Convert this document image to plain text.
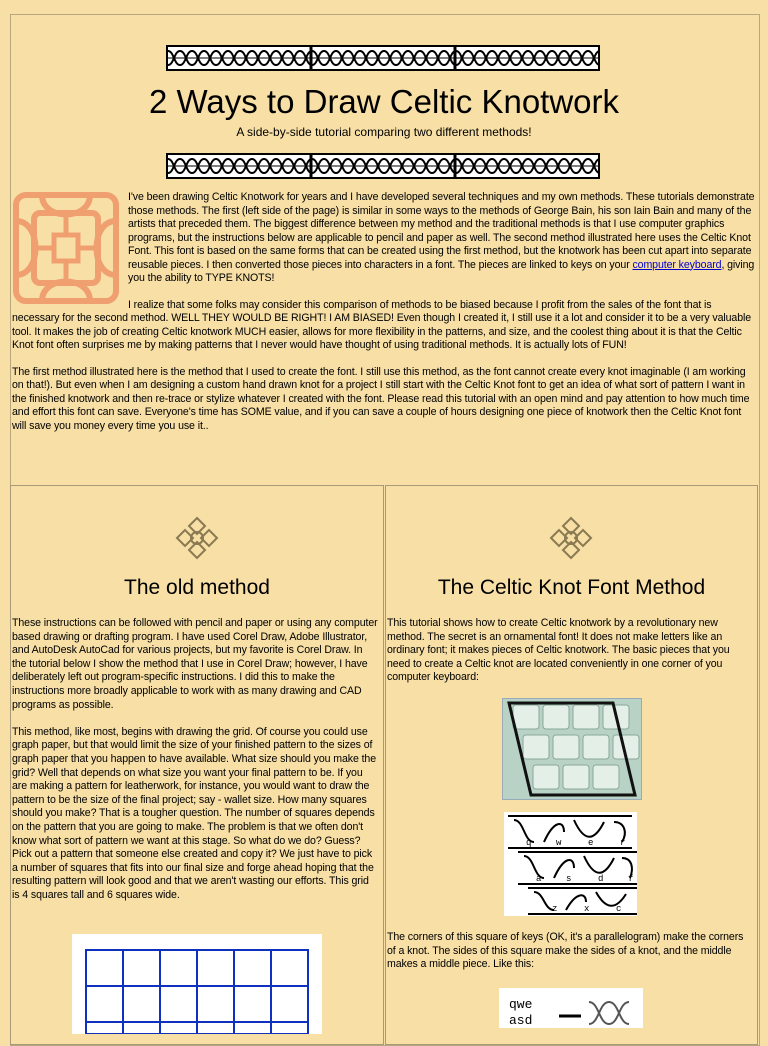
2 Ways to Draw Celtic Knotwork
A side-by-side tutorial comparing two different methods!

I've been drawing Celtic Knotwork for years and I have developed several techniques and my own methods. These tutorials demonstrate those methods. The first (left side of the page) is similar in some ways to the methods of George Bain, his son Iain Bain and many of the artists that preceded them. The biggest difference between my method and the traditional methods is that I use computer graphics programs, but the instructions below are applicable to pencil and paper as well. The second method illustrated here uses the Celtic Knot Font. This font is based on the same forms that can be created using the first method, but the knotwork has been cut apart into separate reusable pieces. I then converted those pieces into characters in a font. The pieces are linked to keys on your computer keyboard, giving you the ability to TYPE KNOTS!

I realize that some folks may consider this comparison of methods to be biased because I profit from the sales of the font that is necessary for the second method. WELL THEY WOULD BE RIGHT! I AM BIASED! Even though I created it, I still use it a lot and consider it to be a very valuable tool. It makes the job of creating Celtic knotwork MUCH easier, allows for more flexibility in the patterns, and size, and the coolest thing about it is that the Celtic Knot font often surprises me by making patterns that I never would have thought of using traditional methods. It is actually lots of FUN!

The first method illustrated here is the method that I used to create the font. I still use this method, as the font cannot create every knot imaginable (I am working on that!). But even when I am designing a custom hand drawn knot for a project I still start with the Celtic Knot font to get an idea of what sort of pattern I want in the finished knotwork and then re-trace or stylize whatever I created with the font. Please read this tutorial with an open mind and pay attention to how much time and effort this font can save. Everyone's time has SOME value, and if you can save a couple of hours designing one piece of knotwork then the Celtic Knot font will save you money every time you use it..

The old method

These instructions can be followed with pencil and paper or using any computer based drawing or drafting program. I have used Corel Draw, Adobe Illustrator, and AutoDesk AutoCad for various projects, but my favorite is Corel Draw. In the tutorial below I show the method that I use in Corel Draw; however, I have deliberately left out program-specific instructions. I did this to make the instructions more broadly applicable to work with as many drawing and CAD programs as possible.

This method, like most, begins with drawing the grid. Of course you could use graph paper, but that would limit the size of your finished pattern to the sizes of graph paper that you happen to have available. What size should you make the grid? Well that depends on what size you want your final pattern to be. If you are making a pattern for leatherwork, for instance, you would want to draw the pattern to be the size of the final project; say - wallet size. How many squares should you make? That is a tougher question. The number of squares depends on the pattern that you are going to make. The problem is that we often don't know what sort of pattern we want at this stage. So what do we do? Guess? Pick out a pattern that someone else created and copy it? We just have to pick a number of squares that fits into our final size and forge ahead hoping that the resulting pattern will look good and that we aren't wasting our efforts. This grid is 4 squares tall and 6 squares wide.

The Celtic Knot Font Method

This tutorial shows how to create Celtic knotwork by a revolutionary new method. The secret is an ornamental font! It does not make letters like an ordinary font; it makes pieces of Celtic knotwork. The basic pieces that you need to create a Celtic knot are located conveniently in one corner of you computer keyboard:

q	w	e	r
a	s	d	f
z	x	c

The corners of this square of keys (OK, it's a parallelogram) make the corners of a knot. The sides of this square make the sides of a knot, and the middle makes a middle piece. Like this:

qwe
asd
